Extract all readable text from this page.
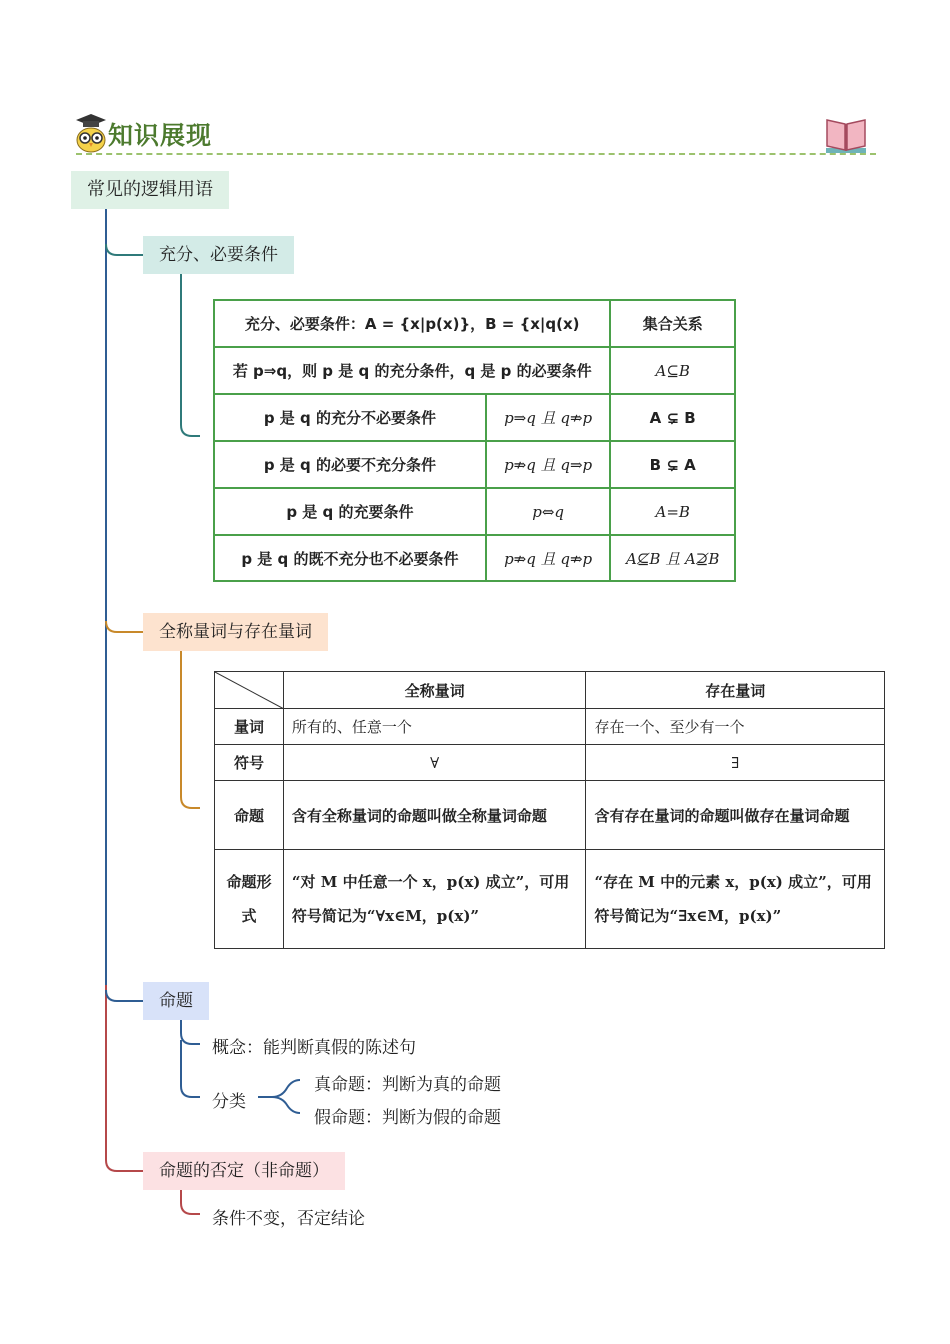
知识展现
常见的逻辑用语
充分、必要条件
全称量词与存在量词
命题
命题的否定（非命题）
概念：能判断真假的陈述句
分类
真命题：判断为真的命题
假命题：判断为假的命题
条件不变，否定结论
充分、必要条件：A = {x|p(x)}，B = {x|q(x)		集合关系
若 p⇒q，则 p 是 q 的充分条件，q 是 p 的必要条件		A⊆B
p 是 q 的充分不必要条件	p⇒q 且 q⇏p	A ⊊ B
p 是 q 的必要不充分条件	p⇏q 且 q⇒p	B ⊊ A
p 是 q 的充要条件	p⇔q	A=B
p 是 q 的既不充分也不必要条件	p⇏q 且 q⇏p	A⊈B 且 A⊉B
	全称量词	存在量词
量词	所有的、任意一个	存在一个、至少有一个
符号	∀	∃
命题	含有全称量词的命题叫做全称量词命题	含有存在量词的命题叫做存在量词命题
命题形式	“对 M 中任意一个 x，p(x) 成立”，可用符号简记为“∀x∈M，p(x)”	“存在 M 中的元素 x，p(x) 成立”，可用符号简记为“∃x∈M，p(x)”
